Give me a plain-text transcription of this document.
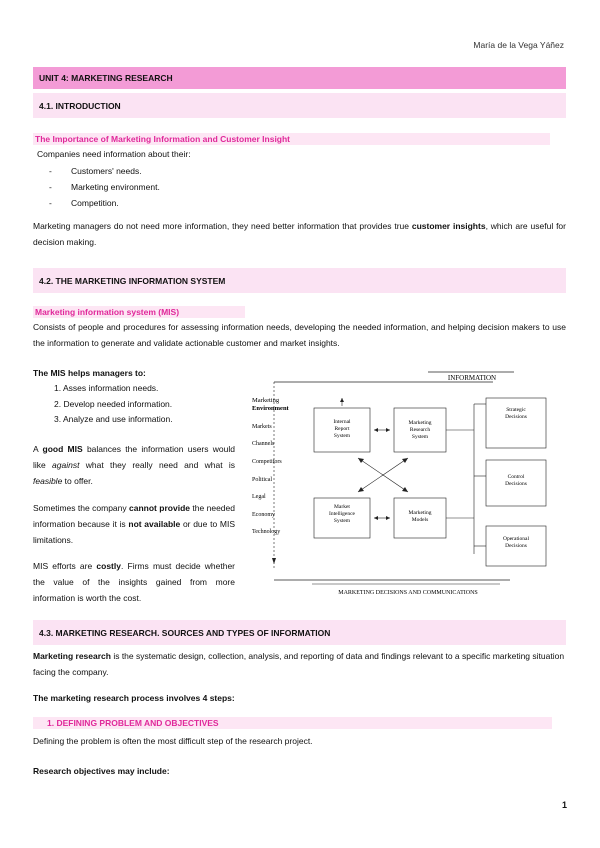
María de la Vega Yáñez
UNIT 4: MARKETING RESEARCH
4.1. INTRODUCTION
The Importance of Marketing Information and Customer Insight
Companies need information about their:
- Customers' needs.
- Marketing environment.
- Competition.
Marketing managers do not need more information, they need better information that provides true customer insights, which are useful for decision making.
4.2. THE MARKETING INFORMATION SYSTEM
Marketing information system (MIS)
Consists of people and procedures for assessing information needs, developing the needed information, and helping decision makers to use the information to generate and validate actionable customer and market insights.
The MIS helps managers to:
1. Asses information needs.
2. Develop needed information.
3. Analyze and use information.
A good MIS balances the information users would like against what they really need and what is feasible to offer.
Sometimes the company cannot provide the needed information because it is not available or due to MIS limitations.
MIS efforts are costly. Firms must decide whether the value of the insights gained from more information is worth the cost.
INFORMATION
Marketing
Environment
Markets
Channels
Competitors
Political
Legal
Economy
Technology
Internal
Report
System
Marketing
Research
System
Market
Intelligence
System
Marketing
Models
Strategic
Decisions
Control
Decisions
Operational
Decisions
MARKETING DECISIONS AND COMMUNICATIONS
4.3. MARKETING RESEARCH. SOURCES AND TYPES OF INFORMATION
Marketing research is the systematic design, collection, analysis, and reporting of data and findings relevant to a specific marketing situation facing the company.
The marketing research process involves 4 steps:
1. DEFINING PROBLEM AND OBJECTIVES
Defining the problem is often the most difficult step of the research project.
Research objectives may include:
1
